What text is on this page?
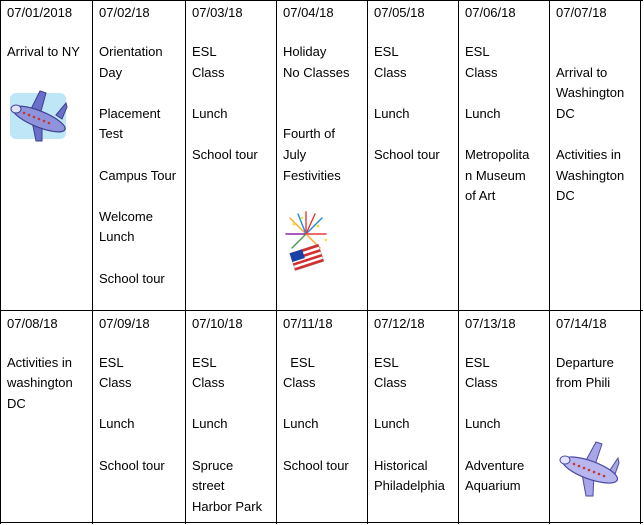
07/01/2018
Arrival to NY
07/02/18
Orientation
Day
Placement
Test
Campus Tour
Welcome
Lunch
School tour
07/03/18
ESL
Class
Lunch
School tour
07/04/18
Holiday
No Classes
Fourth of
July
Festivities
07/05/18
ESL
Class
Lunch
School tour
07/06/18
ESL
Class
Lunch
Metropolita
n Museum
of Art
07/07/18
Arrival to
Washington
DC
Activities in
Washington
DC
07/08/18
Activities in
washington
DC
07/09/18
ESL
Class
Lunch
School tour
07/10/18
ESL
Class
Lunch
Spruce
street
Harbor Park
07/11/18
ESL
Class
Lunch
School tour
07/12/18
ESL
Class
Lunch
Historical
Philadelphia
07/13/18
ESL
Class
Lunch
Adventure
Aquarium
07/14/18
Departure
from Phili
